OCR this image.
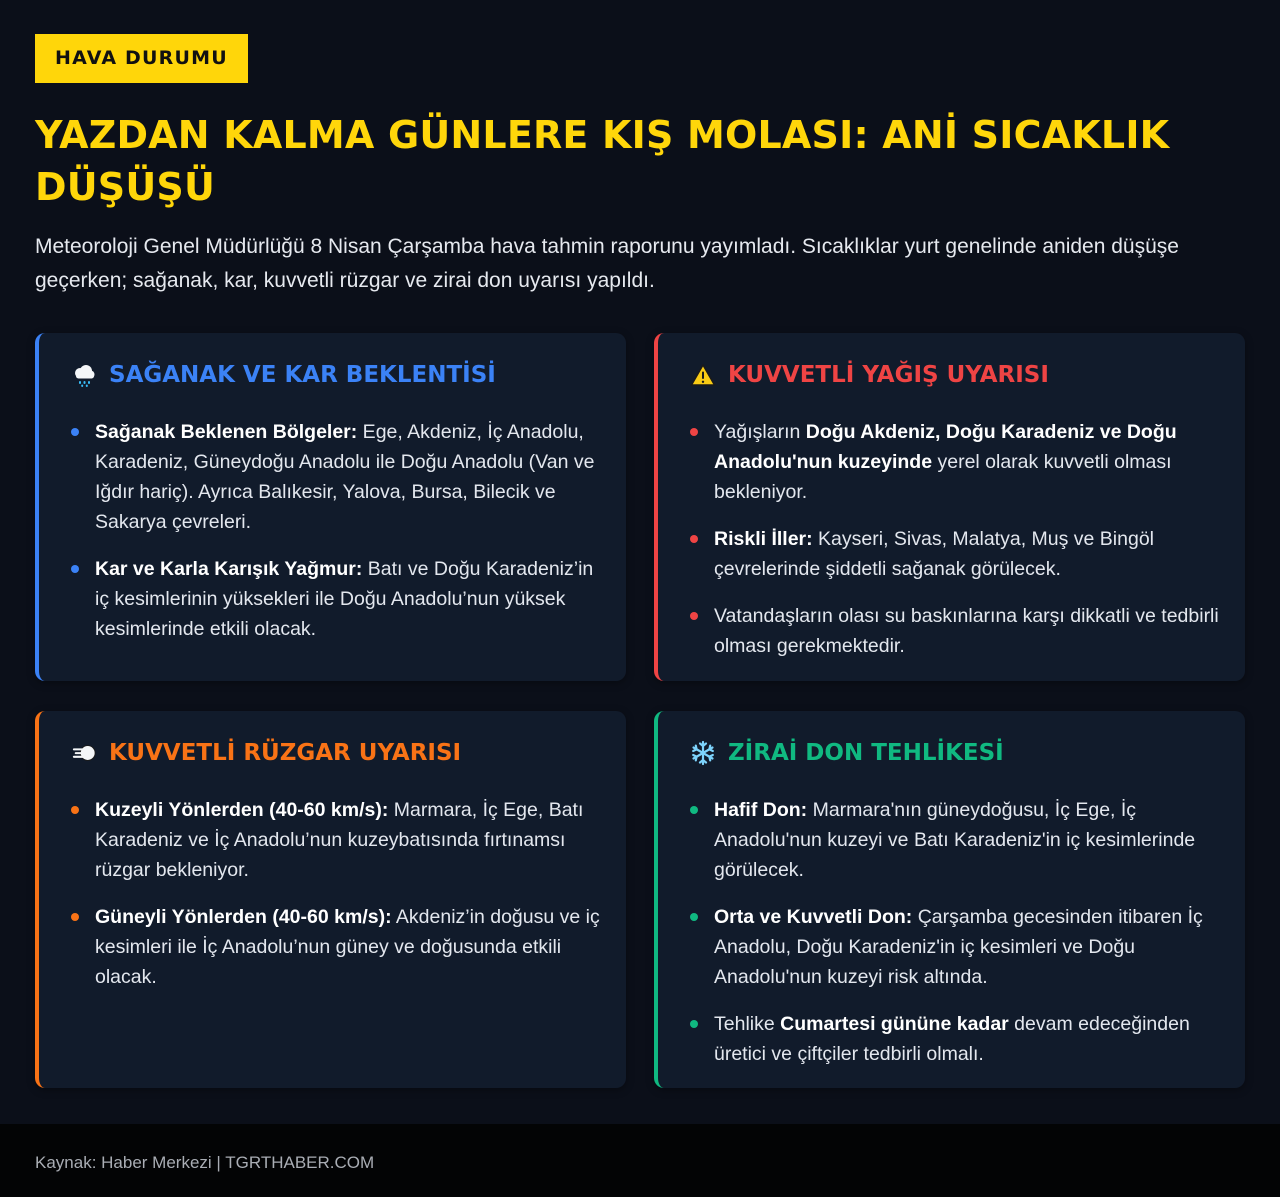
HAVA DURUMU
YAZDAN KALMA GÜNLERE KIŞ MOLASI: ANİ SICAKLIK DÜŞÜŞÜ

Meteoroloji Genel Müdürlüğü 8 Nisan Çarşamba hava tahmin raporunu yayımladı. Sıcaklıklar yurt genelinde aniden düşüşe geçerken; sağanak, kar, kuvvetli rüzgar ve zirai don uyarısı yapıldı.

SAĞANAK VE KAR BEKLENTİSİ
Sağanak Beklenen Bölgeler: Ege, Akdeniz, İç Anadolu, Karadeniz, Güneydoğu Anadolu ile Doğu Anadolu (Van ve Iğdır hariç). Ayrıca Balıkesir, Yalova, Bursa, Bilecik ve Sakarya çevreleri.
Kar ve Karla Karışık Yağmur: Batı ve Doğu Karadeniz’in iç kesimlerinin yüksekleri ile Doğu Anadolu’nun yüksek kesimlerinde etkili olacak.
KUVVETLİ YAĞIŞ UYARISI
Yağışların Doğu Akdeniz, Doğu Karadeniz ve Doğu Anadolu'nun kuzeyinde yerel olarak kuvvetli olması bekleniyor.
Riskli İller: Kayseri, Sivas, Malatya, Muş ve Bingöl çevrelerinde şiddetli sağanak görülecek.
Vatandaşların olası su baskınlarına karşı dikkatli ve tedbirli olması gerekmektedir.
KUVVETLİ RÜZGAR UYARISI
Kuzeyli Yönlerden (40-60 km/s): Marmara, İç Ege, Batı Karadeniz ve İç Anadolu’nun kuzeybatısında fırtınamsı rüzgar bekleniyor.
Güneyli Yönlerden (40-60 km/s): Akdeniz’in doğusu ve iç kesimleri ile İç Anadolu’nun güney ve doğusunda etkili olacak.
ZİRAİ DON TEHLİKESİ
Hafif Don: Marmara'nın güneydoğusu, İç Ege, İç Anadolu'nun kuzeyi ve Batı Karadeniz'in iç kesimlerinde görülecek.
Orta ve Kuvvetli Don: Çarşamba gecesinden itibaren İç Anadolu, Doğu Karadeniz'in iç kesimleri ve Doğu Anadolu'nun kuzeyi risk altında.
Tehlike Cumartesi gününe kadar devam edeceğinden üretici ve çiftçiler tedbirli olmalı.
Kaynak: Haber Merkezi | TGRTHABER.COM
